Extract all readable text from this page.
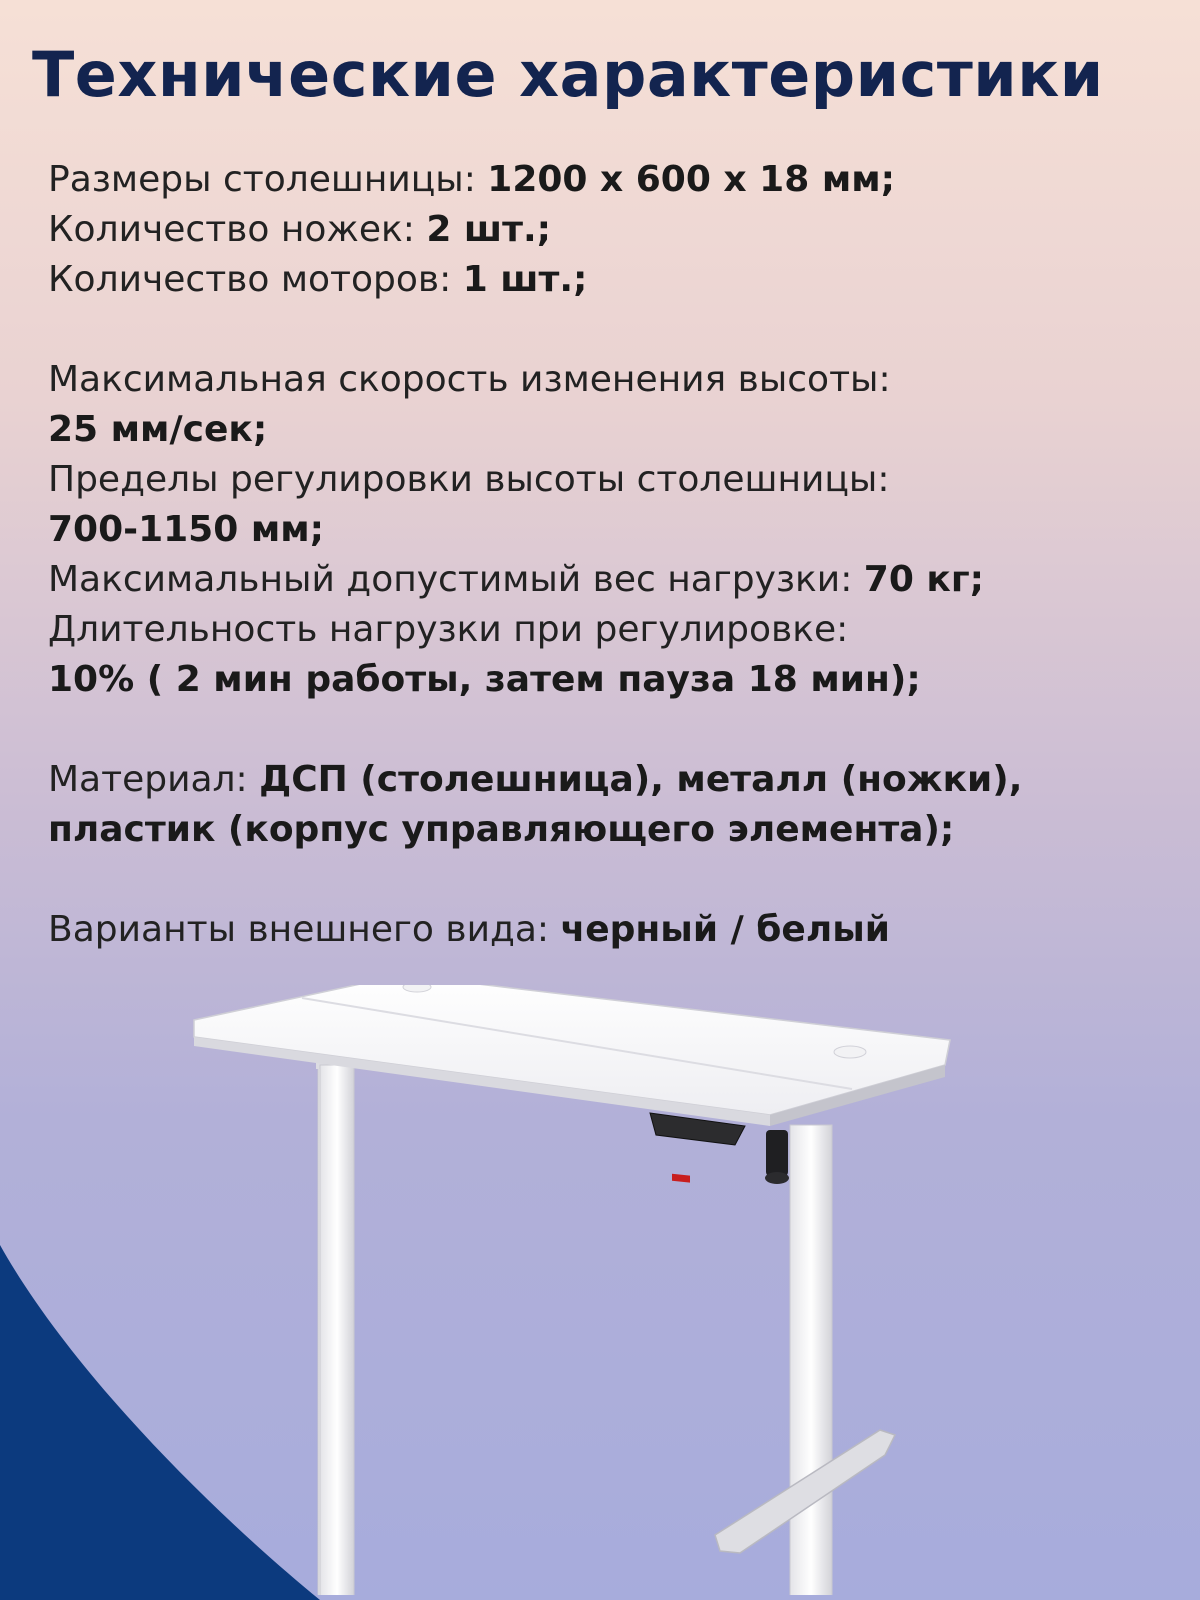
Технические характеристики
Размеры столешницы: 1200 x 600 x 18 мм;
Количество ножек: 2 шт.;
Количество моторов: 1 шт.;
Максимальная скорость изменения высоты:
25 мм/сек;
Пределы регулировки высоты столешницы:
700-1150 мм;
Максимальный допустимый вес нагрузки: 70 кг;
Длительность нагрузки при регулировке:
10% ( 2 мин работы, затем пауза 18 мин);
Материал: ДСП (столешница), металл (ножки),
пластик (корпус управляющего элемента);
Варианты внешнего вида: черный / белый
